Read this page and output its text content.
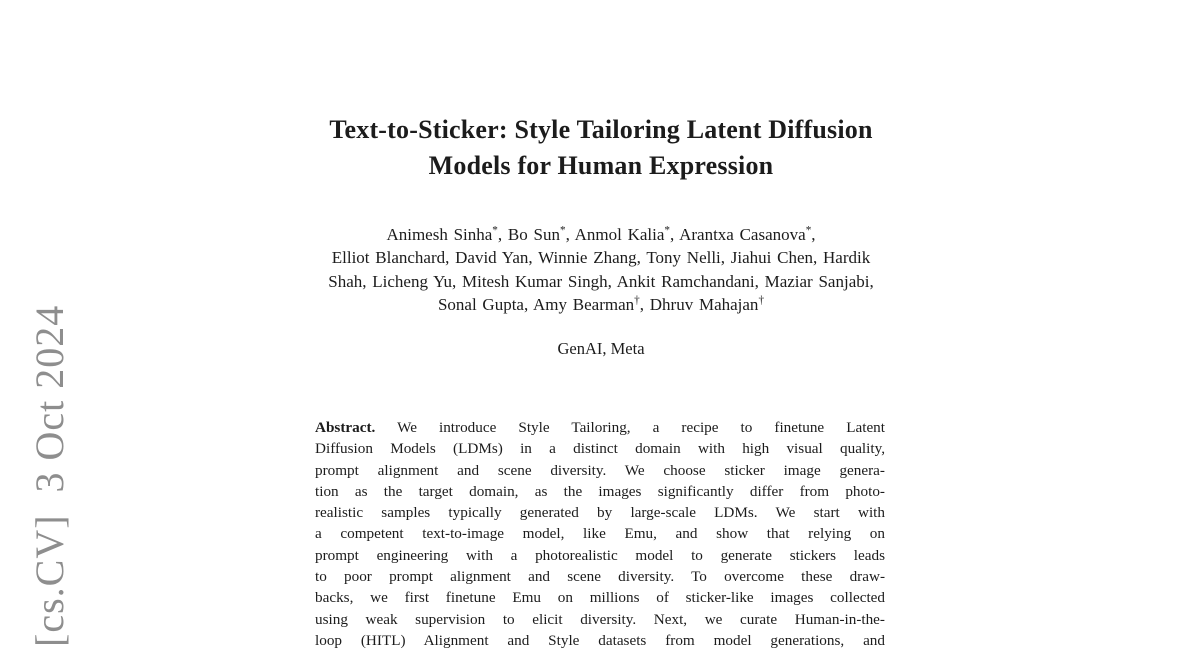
[cs.CV]  3 Oct 2024
Text-to-Sticker: Style Tailoring Latent Diffusion
Models for Human Expression
Animesh Sinha*, Bo Sun*, Anmol Kalia*, Arantxa Casanova*,
Elliot Blanchard, David Yan, Winnie Zhang, Tony Nelli, Jiahui Chen, Hardik
Shah, Licheng Yu, Mitesh Kumar Singh, Ankit Ramchandani, Maziar Sanjabi,
Sonal Gupta, Amy Bearman†, Dhruv Mahajan†
GenAI, Meta
Abstract. We introduce Style Tailoring, a recipe to finetune Latent
Diffusion Models (LDMs) in a distinct domain with high visual quality,
prompt alignment and scene diversity. We choose sticker image genera-
tion as the target domain, as the images significantly differ from photo-
realistic samples typically generated by large-scale LDMs. We start with
a competent text-to-image model, like Emu, and show that relying on
prompt engineering with a photorealistic model to generate stickers leads
to poor prompt alignment and scene diversity. To overcome these draw-
backs, we first finetune Emu on millions of sticker-like images collected
using weak supervision to elicit diversity. Next, we curate Human-in-the-
loop (HITL) Alignment and Style datasets from model generations, and
